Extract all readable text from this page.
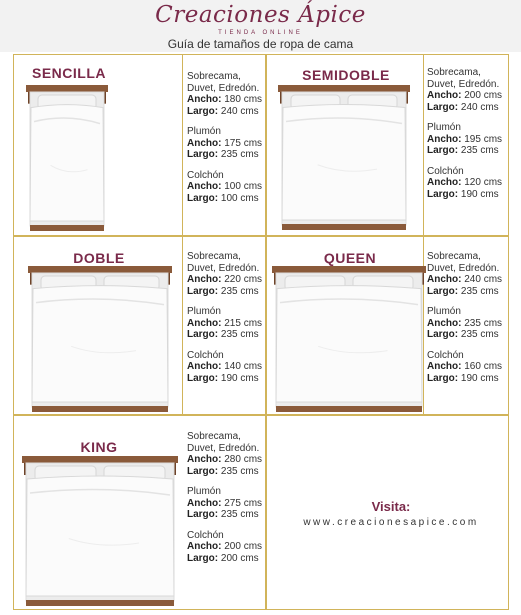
Creaciones Ápice
TIENDA ONLINE
Guía de tamaños de ropa de cama
SENCILLA	Sobrecama, Duvet, Edredón.
Ancho: 180 cms
Largo: 240 cms
Plumón
Ancho: 175 cms
Largo: 235 cms
Colchón
Ancho: 100 cms
Largo: 100 cms
SEMIDOBLE	Sobrecama, Duvet, Edredón.
Ancho: 200 cms
Largo: 240 cms
Plumón
Ancho: 195 cms
Largo: 235 cms
Colchón
Ancho: 120 cms
Largo: 190 cms
DOBLE	Sobrecama, Duvet, Edredón.
Ancho: 220 cms
Largo: 235 cms
Plumón
Ancho: 215 cms
Largo: 235 cms
Colchón
Ancho: 140 cms
Largo: 190 cms
QUEEN	Sobrecama, Duvet, Edredón.
Ancho: 240 cms
Largo: 235 cms
Plumón
Ancho: 235 cms
Largo: 235 cms
Colchón
Ancho: 160 cms
Largo: 190 cms
KING
Sobrecama, Duvet, Edredón.
Ancho: 280 cms
Largo: 235 cms
Plumón
Ancho: 275 cms
Largo: 235 cms
Colchón
Ancho: 200 cms
Largo: 200 cms
Visita:
www.creacionesapice.com
